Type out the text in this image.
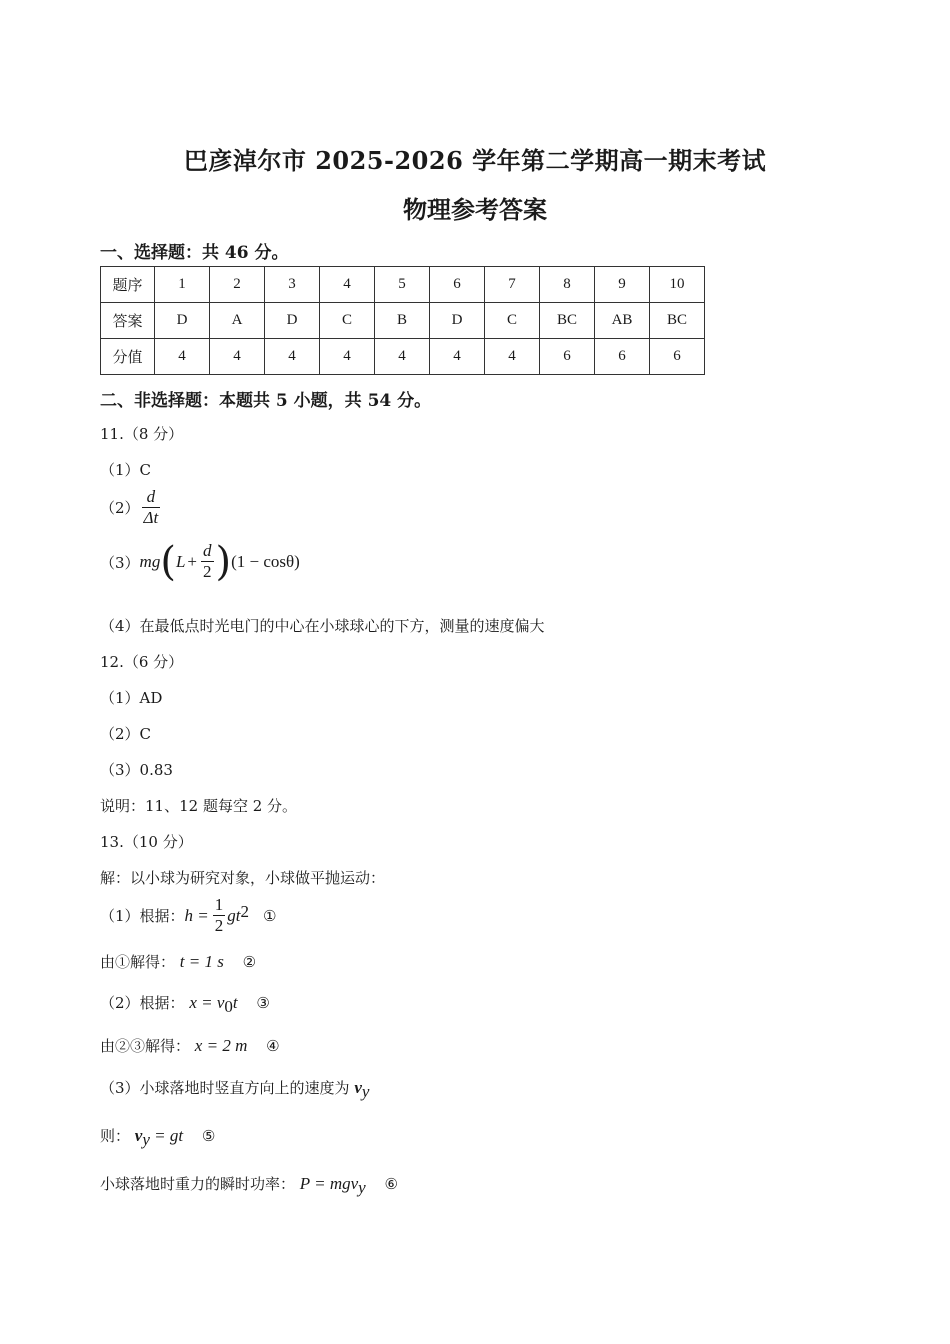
巴彦淖尔市 2025-2026 学年第二学期高一期末考试
物理参考答案
一、选择题：共 46 分。
题序	1	2	3	4	5	6	7	8	9	10
答案	D	A	D	C	B	D	C	BC	AB	BC
分值	4	4	4	4	4	4	4	6	6	6
二、非选择题：本题共 5 小题，共 54 分。
11.（8 分）
（1）C
$(2) \frac{d}{\Delta t}$
（3） mg ( $L + \frac{d}{2}$ ) (1 − cosθ)
（4）在最低点时光电门的中心在小球球心的下方，测量的速度偏大
12.（6 分）
（1）AD
（2）C
（3）0.83
说明：11、12 题每空 2 分。
13.（10 分）
解：以小球为研究对象，小球做平抛运动：
（1）根据： $h = \frac{1}{2}$ gt 2 ①
由①解得： t = 1 s ②
（2）根据： $x = v_0t$ ③
由②③解得： x = 2 m ④
（3）小球落地时竖直方向上的速度为 $v_y$
则： $v_y$ = gt ⑤
小球落地时重力的瞬时功率： P = mgv$_y$ ⑥
